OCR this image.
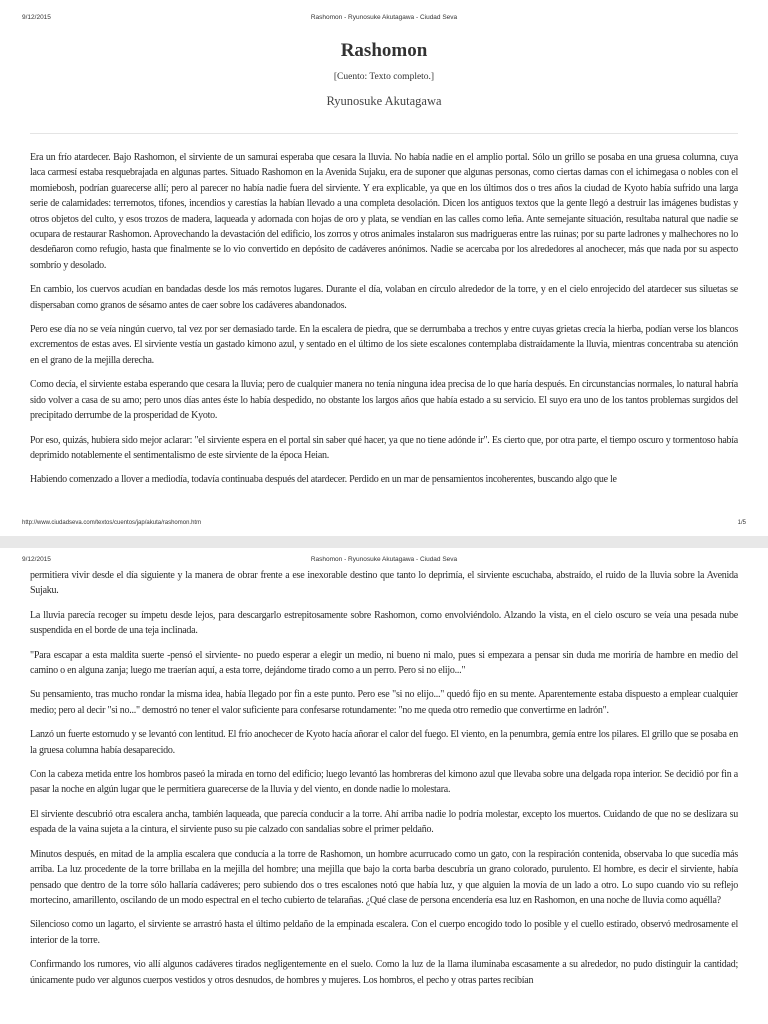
9/12/2015	Rashomon - Ryunosuke Akutagawa - Ciudad Seva
Rashomon
[Cuento: Texto completo.]
Ryunosuke Akutagawa

Era un frío atardecer. Bajo Rashomon, el sirviente de un samurai esperaba que cesara la lluvia. No había nadie en el amplio portal. Sólo un grillo se posaba en una gruesa columna, cuya laca carmesí estaba resquebrajada en algunas partes. Situado Rashomon en la Avenida Sujaku, era de suponer que algunas personas, como ciertas damas con el ichimegasa o nobles con el momiebosh, podrían guarecerse allí; pero al parecer no había nadie fuera del sirviente. Y era explicable, ya que en los últimos dos o tres años la ciudad de Kyoto había sufrido una larga serie de calamidades: terremotos, tifones, incendios y carestías la habían llevado a una completa desolación. Dicen los antiguos textos que la gente llegó a destruir las imágenes budistas y otros objetos del culto, y esos trozos de madera, laqueada y adornada con hojas de oro y plata, se vendían en las calles como leña. Ante semejante situación, resultaba natural que nadie se ocupara de restaurar Rashomon. Aprovechando la devastación del edificio, los zorros y otros animales instalaron sus madrigueras entre las ruinas; por su parte ladrones y malhechores no lo desdeñaron como refugio, hasta que finalmente se lo vio convertido en depósito de cadáveres anónimos. Nadie se acercaba por los alrededores al anochecer, más que nada por su aspecto sombrío y desolado.

En cambio, los cuervos acudían en bandadas desde los más remotos lugares. Durante el día, volaban en círculo alrededor de la torre, y en el cielo enrojecido del atardecer sus siluetas se dispersaban como granos de sésamo antes de caer sobre los cadáveres abandonados.

Pero ese día no se veía ningún cuervo, tal vez por ser demasiado tarde. En la escalera de piedra, que se derrumbaba a trechos y entre cuyas grietas crecía la hierba, podían verse los blancos excrementos de estas aves. El sirviente vestía un gastado kimono azul, y sentado en el último de los siete escalones contemplaba distraídamente la lluvia, mientras concentraba su atención en el grano de la mejilla derecha.

Como decía, el sirviente estaba esperando que cesara la lluvia; pero de cualquier manera no tenía ninguna idea precisa de lo que haría después. En circunstancias normales, lo natural habría sido volver a casa de su amo; pero unos días antes éste lo había despedido, no obstante los largos años que había estado a su servicio. El suyo era uno de los tantos problemas surgidos del precipitado derrumbe de la prosperidad de Kyoto.

Por eso, quizás, hubiera sido mejor aclarar: "el sirviente espera en el portal sin saber qué hacer, ya que no tiene adónde ir". Es cierto que, por otra parte, el tiempo oscuro y tormentoso había deprimido notablemente el sentimentalismo de este sirviente de la época Heian.

Habiendo comenzado a llover a mediodía, todavía continuaba después del atardecer. Perdido en un mar de pensamientos incoherentes, buscando algo que le

http://www.ciudadseva.com/textos/cuentos/jap/akuta/rashomon.htm	1/5
9/12/2015	Rashomon - Ryunosuke Akutagawa - Ciudad Seva

permitiera vivir desde el día siguiente y la manera de obrar frente a ese inexorable destino que tanto lo deprimía, el sirviente escuchaba, abstraído, el ruido de la lluvia sobre la Avenida Sujaku.

La lluvia parecía recoger su ímpetu desde lejos, para descargarlo estrepitosamente sobre Rashomon, como envolviéndolo. Alzando la vista, en el cielo oscuro se veía una pesada nube suspendida en el borde de una teja inclinada.

"Para escapar a esta maldita suerte -pensó el sirviente- no puedo esperar a elegir un medio, ni bueno ni malo, pues si empezara a pensar sin duda me moriría de hambre en medio del camino o en alguna zanja; luego me traerían aquí, a esta torre, dejándome tirado como a un perro. Pero si no elijo..."

Su pensamiento, tras mucho rondar la misma idea, había llegado por fin a este punto. Pero ese "si no elijo..." quedó fijo en su mente. Aparentemente estaba dispuesto a emplear cualquier medio; pero al decir "si no..." demostró no tener el valor suficiente para confesarse rotundamente: "no me queda otro remedio que convertirme en ladrón".

Lanzó un fuerte estornudo y se levantó con lentitud. El frío anochecer de Kyoto hacía añorar el calor del fuego. El viento, en la penumbra, gemía entre los pilares. El grillo que se posaba en la gruesa columna había desaparecido.

Con la cabeza metida entre los hombros paseó la mirada en torno del edificio; luego levantó las hombreras del kimono azul que llevaba sobre una delgada ropa interior. Se decidió por fin a pasar la noche en algún lugar que le permitiera guarecerse de la lluvia y del viento, en donde nadie lo molestara.

El sirviente descubrió otra escalera ancha, también laqueada, que parecía conducir a la torre. Ahí arriba nadie lo podría molestar, excepto los muertos. Cuidando de que no se deslizara su espada de la vaina sujeta a la cintura, el sirviente puso su pie calzado con sandalias sobre el primer peldaño.

Minutos después, en mitad de la amplia escalera que conducía a la torre de Rashomon, un hombre acurrucado como un gato, con la respiración contenida, observaba lo que sucedía más arriba. La luz procedente de la torre brillaba en la mejilla del hombre; una mejilla que bajo la corta barba descubría un grano colorado, purulento. El hombre, es decir el sirviente, había pensado que dentro de la torre sólo hallaría cadáveres; pero subiendo dos o tres escalones notó que había luz, y que alguien la movía de un lado a otro. Lo supo cuando vio su reflejo mortecino, amarillento, oscilando de un modo espectral en el techo cubierto de telarañas. ¿Qué clase de persona encendería esa luz en Rashomon, en una noche de lluvia como aquélla?

Silencioso como un lagarto, el sirviente se arrastró hasta el último peldaño de la empinada escalera. Con el cuerpo encogido todo lo posible y el cuello estirado, observó medrosamente el interior de la torre.

Confirmando los rumores, vio allí algunos cadáveres tirados negligentemente en el suelo. Como la luz de la llama iluminaba escasamente a su alrededor, no pudo distinguir la cantidad; únicamente pudo ver algunos cuerpos vestidos y otros desnudos, de hombres y mujeres. Los hombros, el pecho y otras partes recibían
